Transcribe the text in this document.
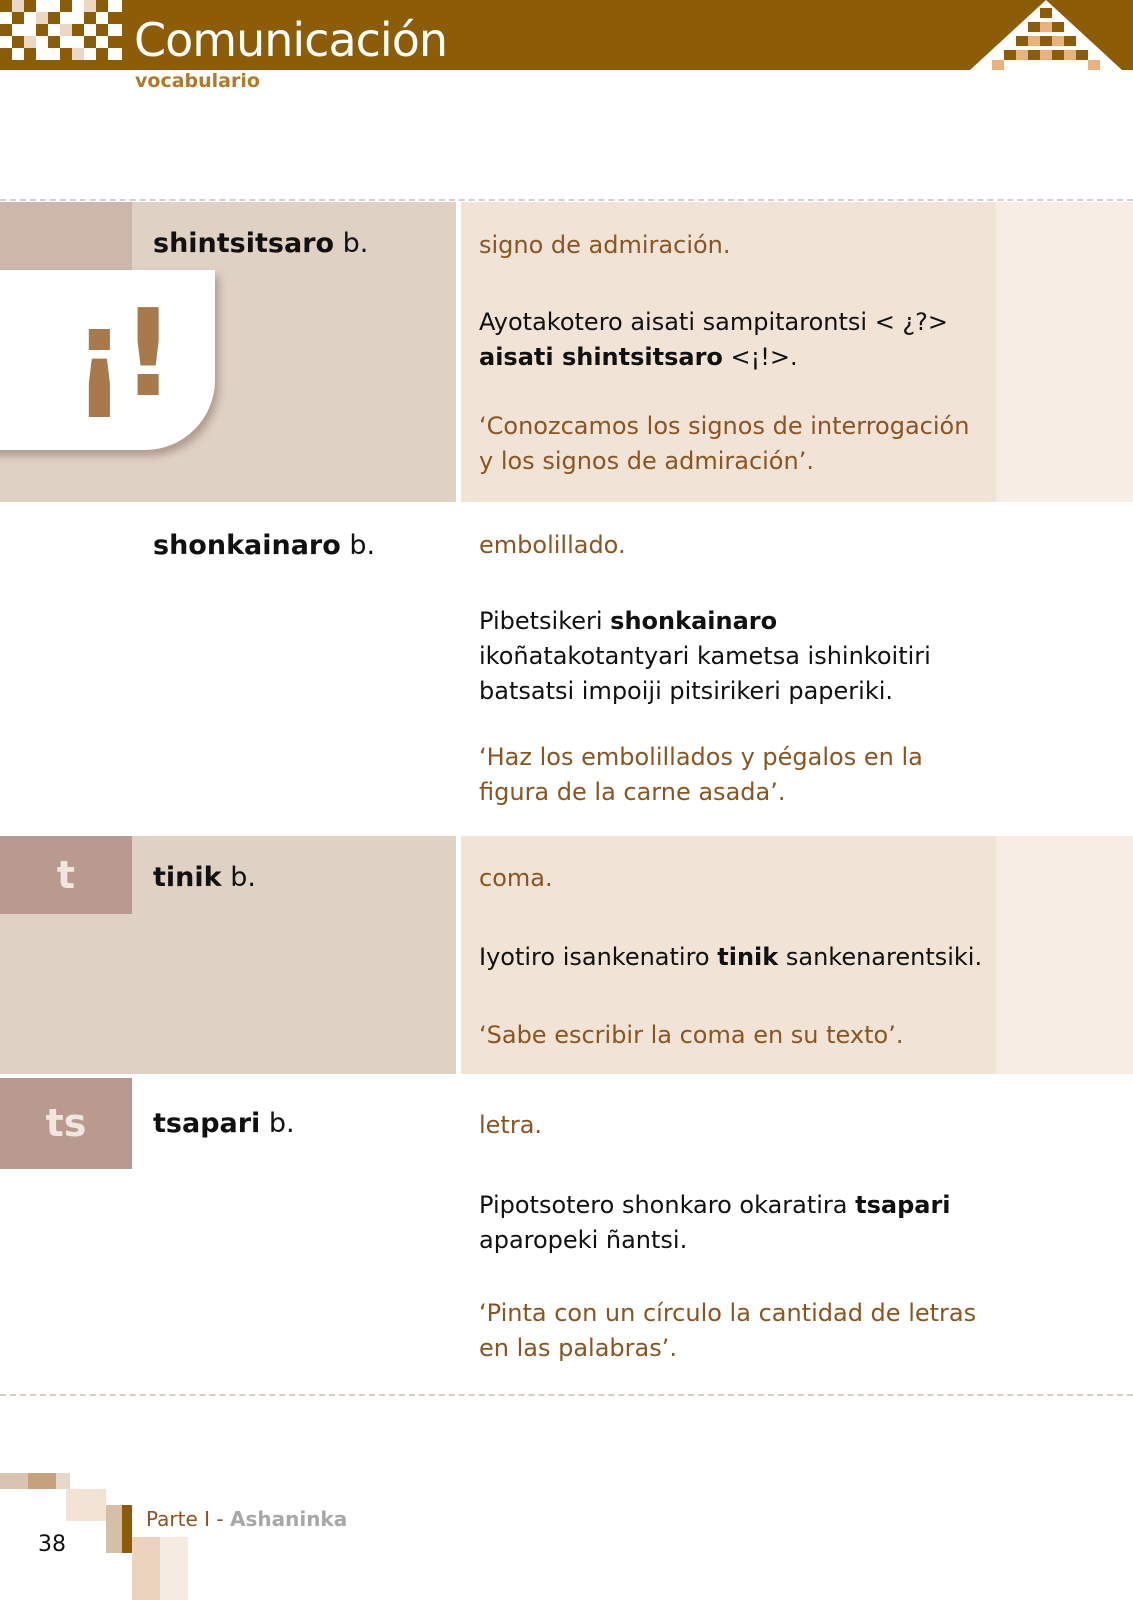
Comunicación
vocabulario
¡!
shintsitsaro b.	signo de admiración.
Ayotakotero aisati sampitarontsi < ¿?>
aisati shintsitsaro <¡!>.
‘Conozcamos los signos de interrogación y los signos de admiración’.
shonkainaro b.	embolillado.
Pibetsikeri shonkainaro ikoñatakotantyari kametsa ishinkoitiri batsatsi impoiji pitsirikeri paperiki.
‘Haz los embolillados y pégalos en la figura de la carne asada’.
t	tinik b.	coma.
Iyotiro isankenatiro tinik sankenarentsiki.
‘Sabe escribir la coma en su texto’.
ts	tsapari b.	letra.
Pipotsotero shonkaro okaratira tsapari aparopeki ñantsi.
‘Pinta con un círculo la cantidad de letras en las palabras’.
38
Parte I - Ashaninka
